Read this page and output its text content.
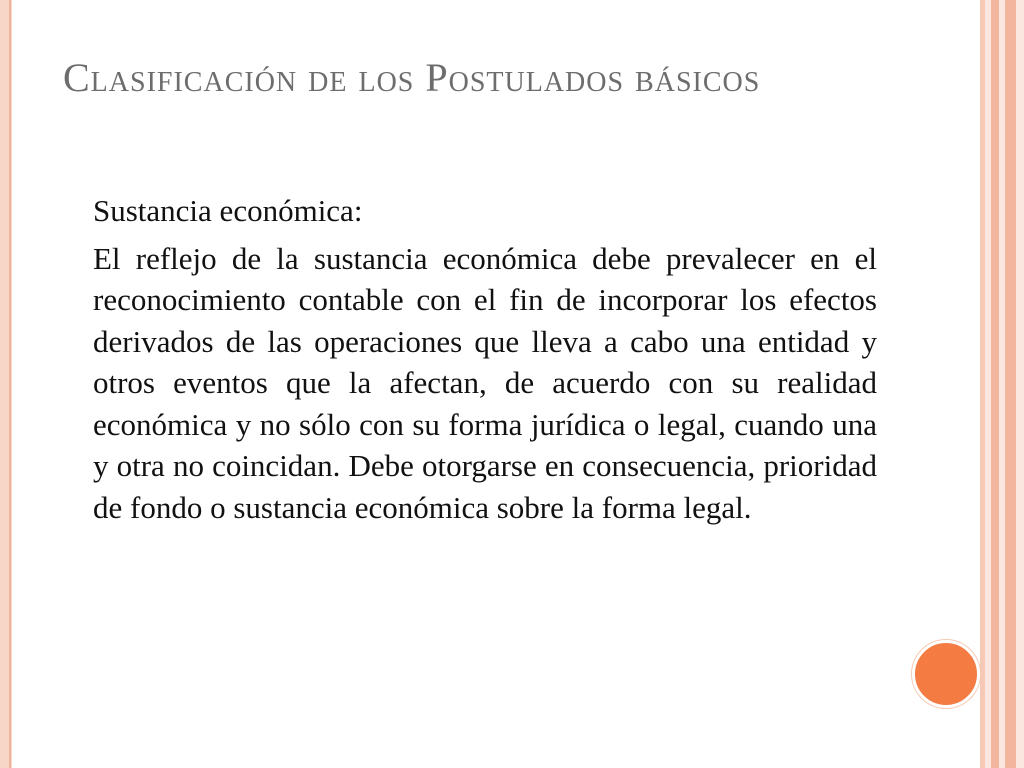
Clasificación de los Postulados básicos

Sustancia económica:

El reflejo de la sustancia económica debe prevalecer en el reconocimiento contable con el fin de incorporar los efectos derivados de las operaciones que lleva a cabo una entidad y otros eventos que la afectan, de acuerdo con su realidad económica y no sólo con su forma jurídica o legal, cuando una y otra no coincidan. Debe otorgarse en consecuencia, prioridad de fondo o sustancia económica sobre la forma legal.
